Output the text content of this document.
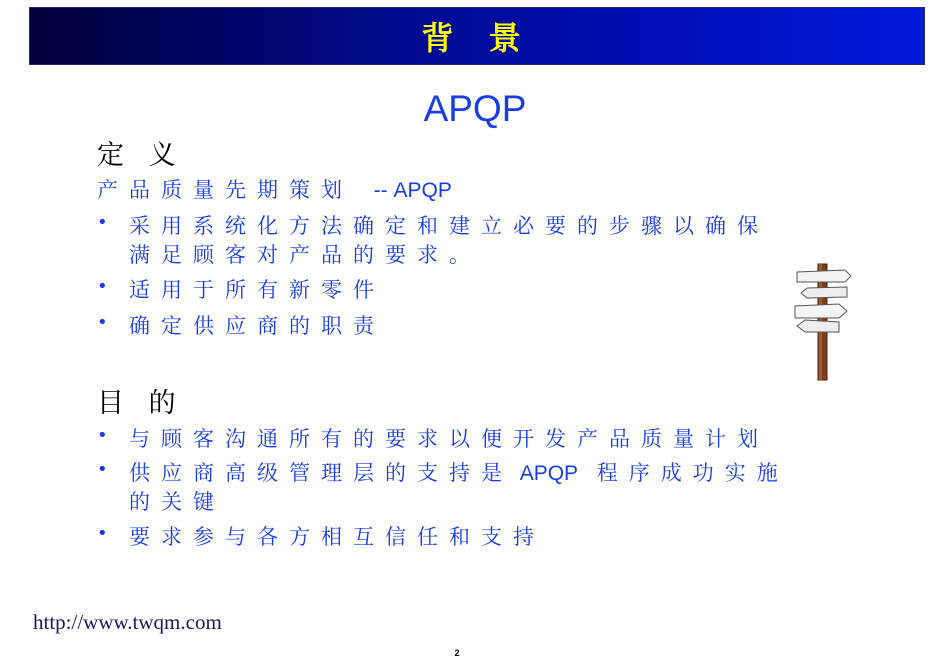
背 景
APQP
定 义
产品质量先期策划 -- APQP
• 采用系统化方法确定和建立必要的步骤以确保
满足顾客对产品的要求。
• 适用于所有新零件
• 确定供应商的职责
目 的
• 与顾客沟通所有的要求以便开发产品质量计划
• 供应商高级管理层的支持是 APQP 程序成功实施
的关键
• 要求参与各方相互信任和支持
http://www.twqm.com
2
